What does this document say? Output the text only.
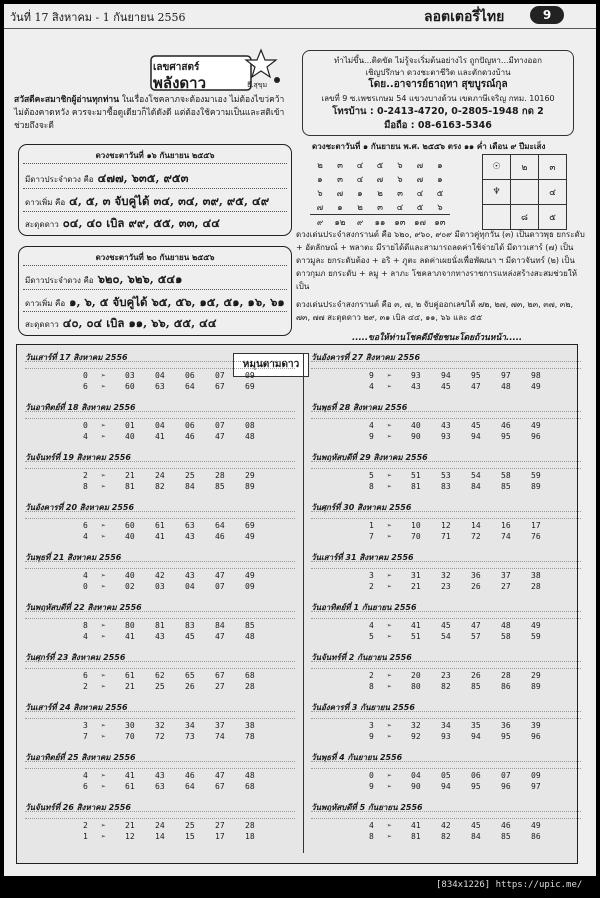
วันที่ 17 สิงหาคม - 1 กันยายน 2556	ลอตเตอรี่ไทย	9
เลขศาสตร์
พลังดาว	ธี.สุขุม
สวัสดีคะสมาชิกผู้อ่านทุกท่าน ในเรื่องโชคลาภจะต้องมาเอง ไม่ต้องไขว่คว้า ไม่ต้องคาดหวัง ควรจะมาซื้อดูเดียวก็ได้ดังดี แต่ต้องใช้ความเป็นและสติเข้าช่วยถึงจะดี
ทำไม่ขึ้น...ติดขัด ไม่รู้จะเริ่มต้นอย่างไร ถูกปัญหา...มีทางออก
เชิญปรึกษา ดวงชะตาชีวิต และตักดวงบ้าน
โดย..อาจารย์ธาฤทา สุขบูรณ์กุล
เลขที่ 9 ซ.เพชรเกษม 54 แขวงบางด้วน เขตภาษีเจริญ กทม. 10160
โทรบ้าน : 0-2413-4720, 0-2805-1948 กด 2
มือถือ : 08-6163-5346
ดวงชะตาวันที่ ๑๖ กันยายน ๒๕๕๖
มีดาวประจำดวง คือ ๔๗๗, ๖๓๕, ๙๕๓
ดาวเพิ่ม คือ ๔, ๕, ๓ จับคู่ได้ ๓๔, ๓๔, ๓๙, ๙๕, ๔๙
สะดุดดาว ๐๔, ๔๐ เบิล ๙๙, ๕๕, ๓๓, ๔๔
ดวงชะตาวันที่ ๒๐ กันยายน ๒๕๕๖
มีดาวประจำดวง คือ ๖๒๐, ๖๒๖, ๕๔๑
ดาวเพิ่ม คือ ๑, ๖, ๕ จับคู่ได้ ๖๕, ๕๖, ๑๕, ๕๑, ๑๖, ๖๑
สะดุดดาว ๔๐, ๐๔ เบิล ๑๑, ๖๖, ๕๕, ๔๔
ดวงชะตาวันที่ ๑ กันยายน พ.ศ. ๒๕๕๖ ตรง ๑๑ ค่ำ เดือน ๙ ปีมะเส็ง
๒	๓	๔	๕	๖	๗	๑
๑	๓	๔	๗	๖	๗	๑
๖	๗	๑	๒	๓	๔	๕
๗	๑	๒	๓	๔	๕	๖
๙	๑๒	๙	๑๑	๑๓	๑๗	๑๓
☉	๒	๓
♆		๔
	๘	๕
ดวงเด่นประจำสงกรานต์ คือ ๖๒๐, ๙๖๐, ๙๐๙ มีดาวคู่ทุกวัน (๓) เป็นดาวพุธ ยกระดับ + อัตลักษณ์ + พลาตะ มีรายได้ดีและสามารถลดค่าใช้จ่ายได้ มีดาวเสาร์ (๗) เป็นดาวมูละ ยกระดับต้อง + อริ + ภูตะ ลดค่าเผยนั่งเพื่อพัฒนา ฯ มีดาวจันทร์ (๒) เป็นดาวกุมภ ยกระดับ + ลมู + ลาภะ โชคลาภจากทางราชการแหล่งสร้างสะสมช่วยให้เป็น
ดวงเด่นประจำสงกรานต์ คือ ๓, ๗, ๒ จับคู่ออกเลขได้ ๗๒, ๒๗, ๗๓, ๒๓, ๓๗, ๓๒, ๗๓, ๗๗ สะดุดดาว ๒๙, ๓๑ เบิล ๔๔, ๑๑, ๖๖ และ ๕๕
.....ขอให้ท่านโชคดีมีชัยชนะโดยถ้วนหน้า.....
หมุนตามดาว
วันเสาร์ที่ 17 สิงหาคม 2556
0 ➢ 03	04	06	07	09
6 ➢ 60	63	64	67	69
วันอาทิตย์ที่ 18 สิงหาคม 2556
0 ➢ 01	04	06	07	08
4 ➢ 40	41	46	47	48
วันจันทร์ที่ 19 สิงหาคม 2556
2 ➢ 21	24	25	28	29
8 ➢ 81	82	84	85	89
วันอังคารที่ 20 สิงหาคม 2556
6 ➢ 60	61	63	64	69
4 ➢ 40	41	43	46	49
วันพุธที่ 21 สิงหาคม 2556
4 ➢ 40	42	43	47	49
0 ➢ 02	03	04	07	09
วันพฤหัสบดีที่ 22 สิงหาคม 2556
8 ➢ 80	81	83	84	85
4 ➢ 41	43	45	47	48
วันศุกร์ที่ 23 สิงหาคม 2556
6 ➢ 61	62	65	67	68
2 ➢ 21	25	26	27	28
วันเสาร์ที่ 24 สิงหาคม 2556
3 ➢ 30	32	34	37	38
7 ➢ 70	72	73	74	78
วันอาทิตย์ที่ 25 สิงหาคม 2556
4 ➢ 41	43	46	47	48
6 ➢ 61	63	64	67	68
วันจันทร์ที่ 26 สิงหาคม 2556
2 ➢ 21	24	25	27	28
1 ➢ 12	14	15	17	18
วันอังคารที่ 27 สิงหาคม 2556
9 ➢ 93	94	95	97	98
4 ➢ 43	45	47	48	49
วันพุธที่ 28 สิงหาคม 2556
4 ➢ 40	43	45	46	49
9 ➢ 90	93	94	95	96
วันพฤหัสบดีที่ 29 สิงหาคม 2556
5 ➢ 51	53	54	58	59
8 ➢ 81	83	84	85	89
วันศุกร์ที่ 30 สิงหาคม 2556
1 ➢ 10	12	14	16	17
7 ➢ 70	71	72	74	76
วันเสาร์ที่ 31 สิงหาคม 2556
3 ➢ 31	32	36	37	38
2 ➢ 21	23	26	27	28
วันอาทิตย์ที่ 1 กันยายน 2556
4 ➢ 41	45	47	48	49
5 ➢ 51	54	57	58	59
วันจันทร์ที่ 2 กันยายน 2556
2 ➢ 20	23	26	28	29
8 ➢ 80	82	85	86	89
วันอังคารที่ 3 กันยายน 2556
3 ➢ 32	34	35	36	39
9 ➢ 92	93	94	95	96
วันพุธที่ 4 กันยายน 2556
0 ➢ 04	05	06	07	09
9 ➢ 90	94	95	96	97
วันพฤหัสบดีที่ 5 กันยายน 2556
4 ➢ 41	42	45	46	49
8 ➢ 81	82	84	85	86
[834x1226] https://upic.me/
